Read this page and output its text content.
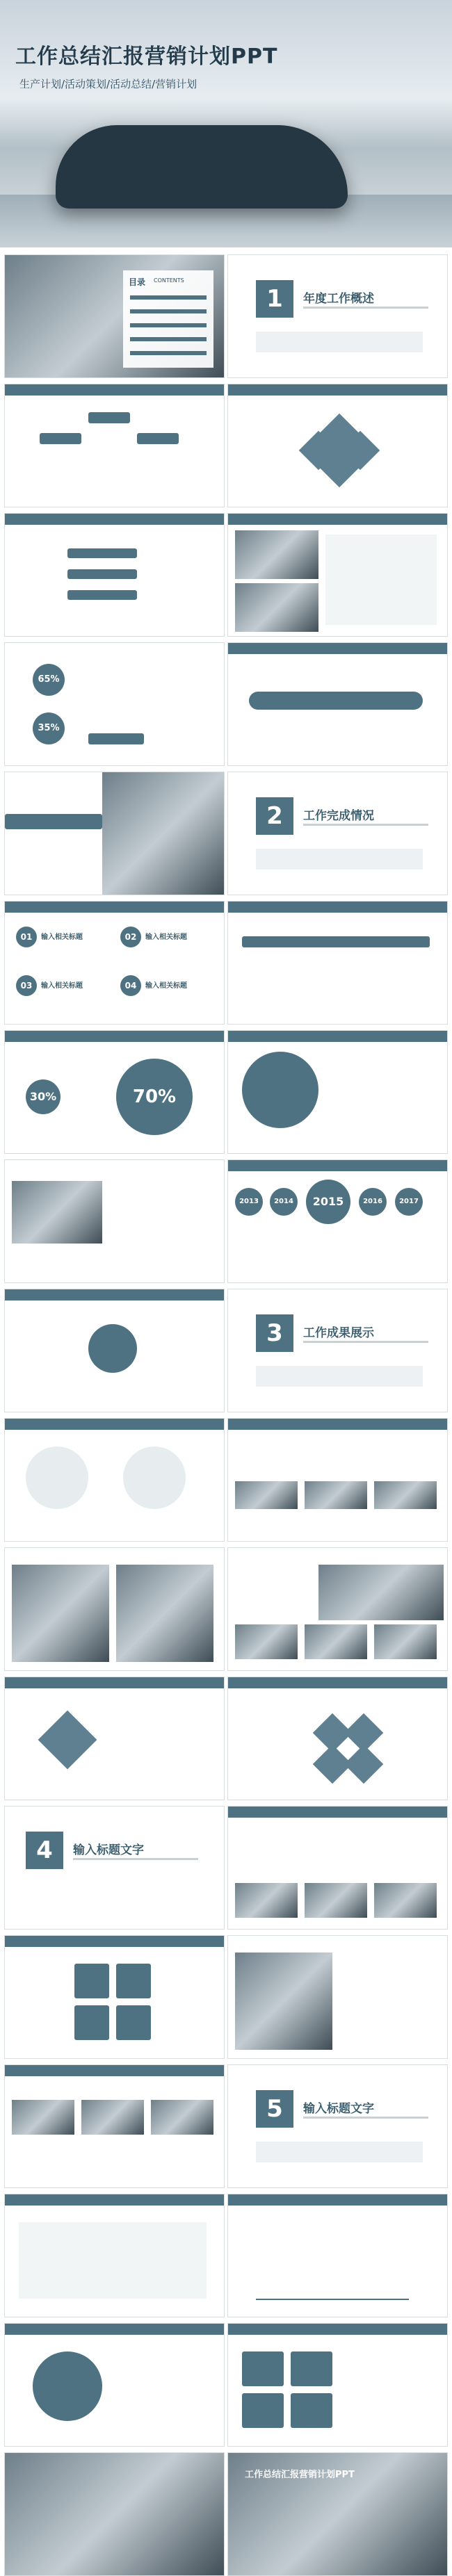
工作总结汇报营销计划PPT
生产计划/活动策划/活动总结/营销计划
目录 CONTENTS
1	年度工作概述
65%
35%
2	工作完成情况
01	02
03	04
输入相关标题	输入相关标题
输入相关标题	输入相关标题
30%	70%
2013	2014	2015	2016	2017
3	工作成果展示
4	输入标题文字
5	输入标题文字
工作总结汇报营销计划PPT
